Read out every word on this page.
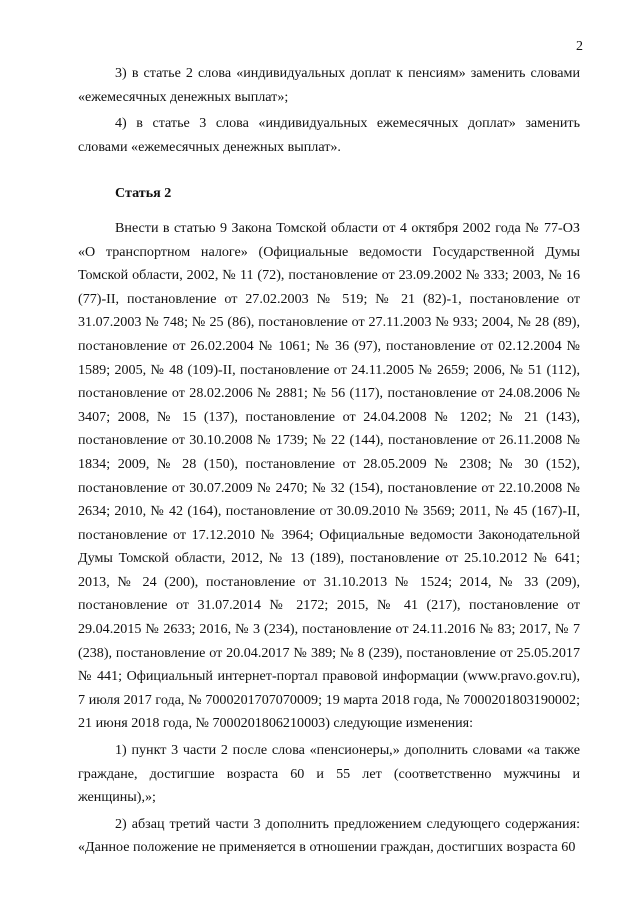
2

3) в статье 2 слова «индивидуальных доплат к пенсиям» заменить словами «ежемесячных денежных выплат»;

4) в статье 3 слова «индивидуальных ежемесячных доплат» заменить словами «ежемесячных денежных выплат».

Статья 2

Внести в статью 9 Закона Томской области от 4 октября 2002 года № 77-ОЗ «О транспортном налоге» (Официальные ведомости Государственной Думы Томской области, 2002, № 11 (72), постановление от 23.09.2002 № 333; 2003, № 16 (77)-II, постановление от 27.02.2003 № 519; № 21 (82)-1, постановление от 31.07.2003 № 748; № 25 (86), постановление от 27.11.2003 № 933; 2004, № 28 (89), постановление от 26.02.2004 № 1061; № 36 (97), постановление от 02.12.2004 № 1589; 2005, № 48 (109)-II, постановление от 24.11.2005 № 2659; 2006, № 51 (112), постановление от 28.02.2006 № 2881; № 56 (117), постановление от 24.08.2006 № 3407; 2008, № 15 (137), постановление от 24.04.2008 № 1202; № 21 (143), постановление от 30.10.2008 № 1739; № 22 (144), постановление от 26.11.2008 № 1834; 2009, № 28 (150), постановление от 28.05.2009 № 2308; № 30 (152), постановление от 30.07.2009 № 2470; № 32 (154), постановление от 22.10.2008 № 2634; 2010, № 42 (164), постановление от 30.09.2010 № 3569; 2011, № 45 (167)-II, постановление от 17.12.2010 № 3964; Официальные ведомости Законодательной Думы Томской области, 2012, № 13 (189), постановление от 25.10.2012 № 641; 2013, № 24 (200), постановление от 31.10.2013 № 1524; 2014, № 33 (209), постановление от 31.07.2014 № 2172; 2015, № 41 (217), постановление от 29.04.2015 № 2633; 2016, № 3 (234), постановление от 24.11.2016 № 83; 2017, № 7 (238), постановление от 20.04.2017 № 389; № 8 (239), постановление от 25.05.2017 № 441; Официальный интернет-портал правовой информации (www.pravo.gov.ru), 7 июля 2017 года, № 7000201707070009; 19 марта 2018 года, № 7000201803190002; 21 июня 2018 года, № 7000201806210003) следующие изменения:

1) пункт 3 части 2 после слова «пенсионеры,» дополнить словами «а также граждане, достигшие возраста 60 и 55 лет (соответственно мужчины и женщины),»;

2) абзац третий части 3 дополнить предложением следующего содержания: «Данное положение не применяется в отношении граждан, достигших возраста 60
